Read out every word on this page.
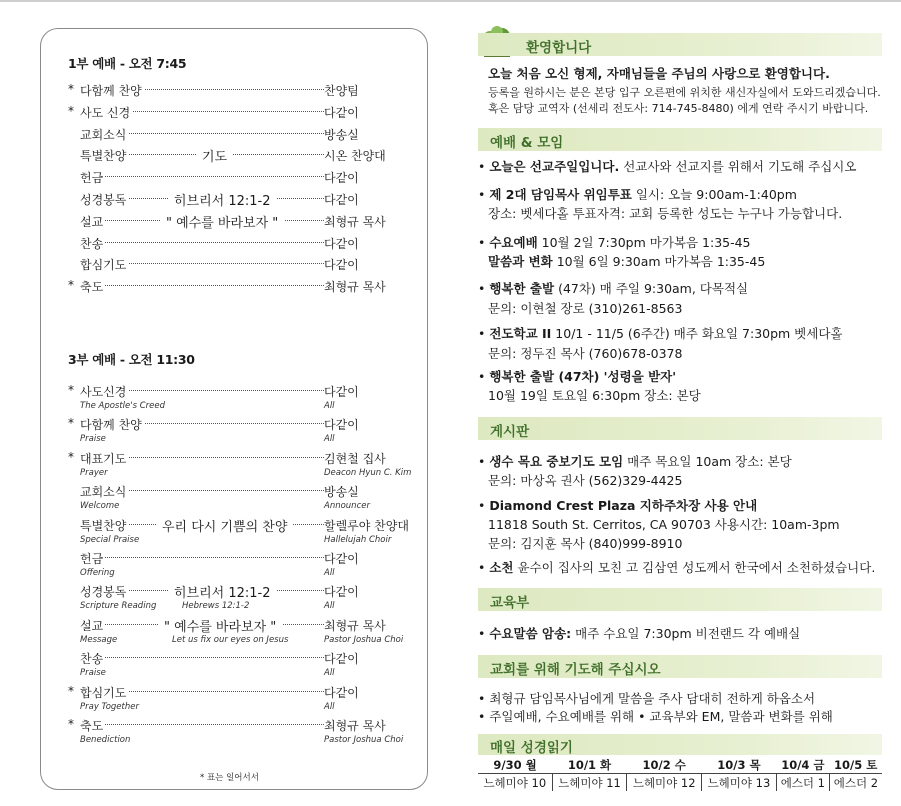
1부 예배 - 오전 7:45
* 다함께 찬양	찬양팀
* 사도 신경	다같이
교회소식	방송실
특별찬양	기도	시온 찬양대
헌금	다같이
성경봉독	히브리서 12:1-2	다같이
설교	" 예수를 바라보자 "	최형규 목사
찬송	다같이
합심기도	다같이
* 축도	최형규 목사
3부 예배 - 오전 11:30
* 사도신경	다같이
The Apostle's Creed	All
* 다함께 찬양	다같이
Praise	All
* 대표기도	김현철 집사
Prayer	Deacon Hyun C. Kim
교회소식	방송실
Welcome	Announcer
특별찬양	우리 다시 기쁨의 찬양	할렐루야 찬양대
Special Praise	Hallelujah Choir
헌금	다같이
Offering	All
성경봉독	히브리서 12:1-2	다같이
Scripture Reading	Hebrews 12:1-2	All
설교	" 예수를 바라보자 "	최형규 목사
Message	Let us fix our eyes on Jesus	Pastor Joshua Choi
찬송	다같이
Praise	All
* 합심기도	다같이
Pray Together	All
* 축도	최형규 목사
Benediction	Pastor Joshua Choi
* 표는 일어서서
환영합니다
오늘 처음 오신 형제, 자매님들을 주님의 사랑으로 환영합니다.
등록을 원하시는 분은 본당 입구 오른편에 위치한 새신자실에서 도와드리겠습니다.
혹은 담당 교역자 (선세리 전도사: 714-745-8480) 에게 연락 주시기 바랍니다.
예배 & 모임
• 오늘은 선교주일입니다. 선교사와 선교지를 위해서 기도해 주십시오
• 제 2대 담임목사 위임투표 일시: 오늘 9:00am-1:40pm
장소: 벳세다홀 투표자격: 교회 등록한 성도는 누구나 가능합니다.
• 수요예배 10월 2일 7:30pm 마가복음 1:35-45
말씀과 변화 10월 6일 9:30am 마가복음 1:35-45
• 행복한 출발 (47차) 매 주일 9:30am, 다목적실
문의: 이현철 장로 (310)261-8563
• 전도학교 II 10/1 - 11/5 (6주간) 매주 화요일 7:30pm 벳세다홀
문의: 정두진 목사 (760)678-0378
• 행복한 출발 (47차) '성령을 받자'
10월 19일 토요일 6:30pm 장소: 본당
게시판
• 생수 목요 중보기도 모임 매주 목요일 10am 장소: 본당
문의: 마상옥 권사 (562)329-4425
• Diamond Crest Plaza 지하주차장 사용 안내
11818 South St. Cerritos, CA 90703 사용시간: 10am-3pm
문의: 김지훈 목사 (840)999-8910
• 소천 윤수이 집사의 모친 고 김삼연 성도께서 한국에서 소천하셨습니다.
교육부
• 수요말씀 암송: 매주 수요일 7:30pm 비전랜드 각 예배실
교회를 위해 기도해 주십시오
• 최형규 담임목사님에게 말씀을 주사 담대히 전하게 하옵소서
• 주일예배, 수요예배를 위해 • 교육부와 EM, 말씀과 변화를 위해
매일 성경읽기
9/30 월	10/1 화	10/2 수	10/3 목	10/4 금	10/5 토
느헤미야 10	느헤미야 11	느헤미야 12	느헤미야 13	에스더 1	에스더 2
